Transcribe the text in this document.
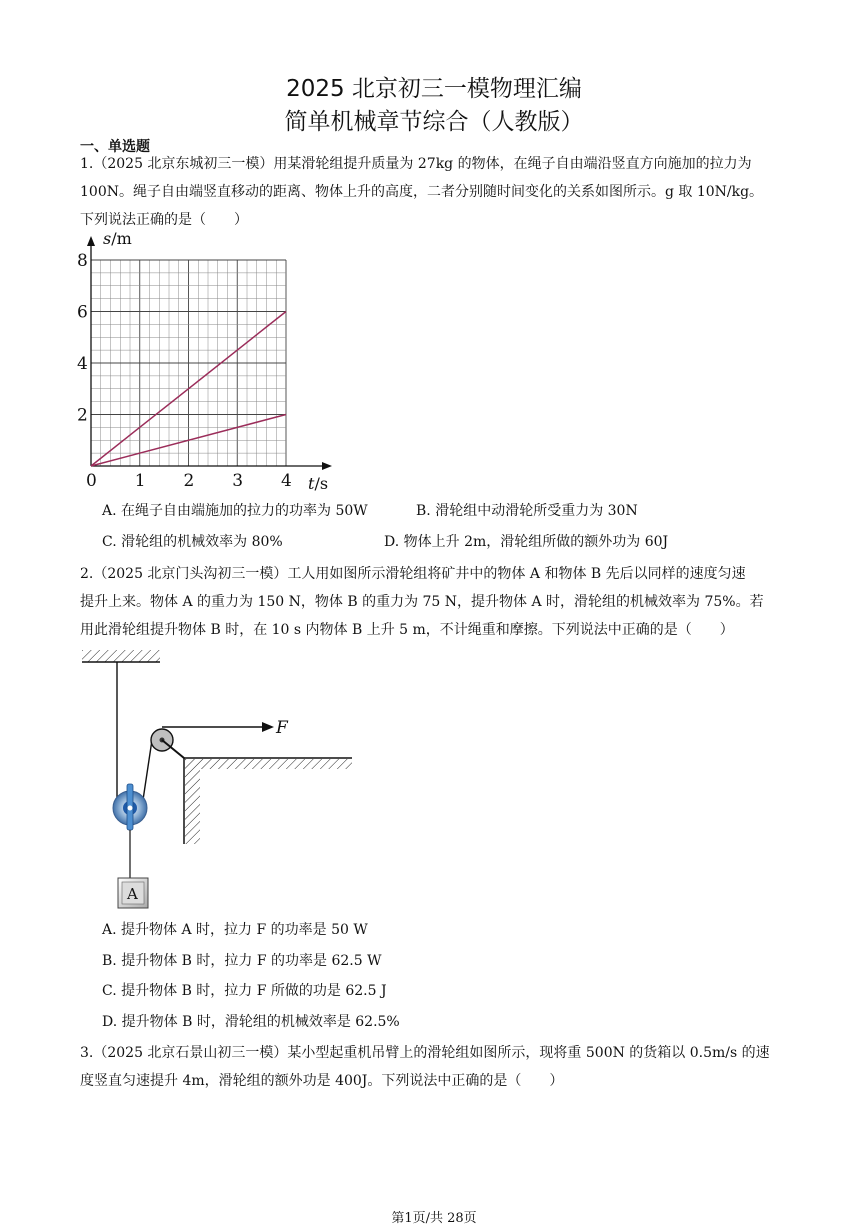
2025 北京初三一模物理汇编
简单机械章节综合（人教版）
一、单选题
1.（2025 北京东城初三一模）用某滑轮组提升质量为 27kg 的物体，在绳子自由端沿竖直方向施加的拉力为
100N。绳子自由端竖直移动的距离、物体上升的高度，二者分别随时间变化的关系如图所示。g 取 10N/kg。
下列说法正确的是（　　）
0 1 2 3 4
2
4
6
8
t/s
s/m
A. 在绳子自由端施加的拉力的功率为 50W	B. 滑轮组中动滑轮所受重力为 30N
C. 滑轮组的机械效率为 80%	D. 物体上升 2m，滑轮组所做的额外功为 60J
2.（2025 北京门头沟初三一模）工人用如图所示滑轮组将矿井中的物体 A 和物体 B 先后以同样的速度匀速
提升上来。物体 A 的重力为 150 N，物体 B 的重力为 75 N，提升物体 A 时，滑轮组的机械效率为 75%。若
用此滑轮组提升物体 B 时，在 10 s 内物体 B 上升 5 m，不计绳重和摩擦。下列说法中正确的是（　　）
F
A
A. 提升物体 A 时，拉力 F 的功率是 50 W
B. 提升物体 B 时，拉力 F 的功率是 62.5 W
C. 提升物体 B 时，拉力 F 所做的功是 62.5 J
D. 提升物体 B 时，滑轮组的机械效率是 62.5%
3.（2025 北京石景山初三一模）某小型起重机吊臂上的滑轮组如图所示，现将重 500N 的货箱以 0.5m/s 的速
度竖直匀速提升 4m，滑轮组的额外功是 400J。下列说法中正确的是（　　）
第1页/共 28页
